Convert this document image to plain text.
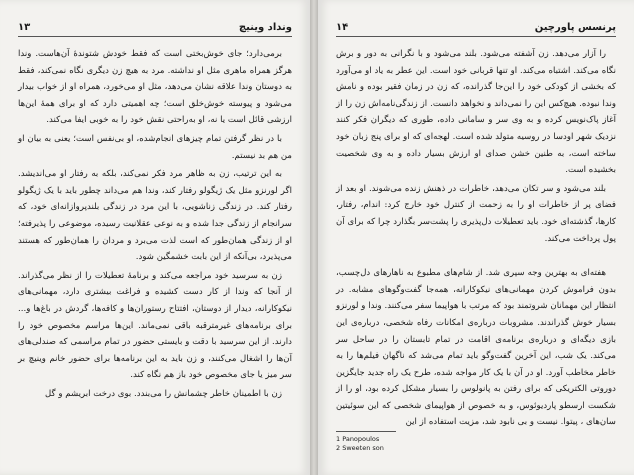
ونداد وینیچ
۱۳

برمی‌دارد؛ جای خوش‌بختی است که فقط خودش شتوندهٔ آن‌هاست. وندا هرگز همراه ماهری مثل او نداشته. مرد به هیچ زن دیگری نگاه نمی‌کند، فقط به دوستان وندا علاقه نشان می‌دهد، مثل او می‌خورد، همراه او از خواب بیدار می‌شود و پیوسته خوش‌خلق است؛ چه اهمیتی دارد که او برای همهٔ این‌ها ارزشی قائل است یا نه، او به‌راحتی نقش خود را به خوبی ایفا می‌کند.

با در نظر گرفتن تمام چیزهای انجام‌شده، او بی‌نفس است؛ یعنی به بیان او من هم بد نیستم.

به این ترتیب، زن به ظاهر مرد فکر نمی‌کند، بلکه به رفتار او می‌اندیشد. اگر لورنزو مثل یک ژیگولو رفتار کند، وندا هم می‌داند چطور باید با یک ژیگولو رفتار کند. در زندگی زناشویی، با این مرد در زندگی بلندپروازانه‌ای خود، که سرانجام از زندگی جدا شده و به نوعی عقلانیت رسیده، موضوعی را پذیرفته؛ او از زندگی همان‌طور که است لذت می‌برد و مردان را همان‌طور که هستند می‌پذیرد، بی‌آنکه از این بابت خشمگین شود.

زن به سرسید خود مراجعه می‌کند و برنامهٔ تعطیلات را از نظر می‌گذراند. از آنجا که وندا از کار دست کشیده و فراغت بیشتری دارد، مهمانی‌های نیکوکارانه، دیدار از دوستان، افتتاح رستوران‌ها و کافه‌ها، گردش در باغ‌ها و... برای برنامه‌های غیرمترقبه باقی نمی‌ماند. این‌ها مراسم مخصوص خود را دارند. از این سرسید با دقت و بایستی حضور در تمام مراسمی که صندلی‌های آن‌ها را اشغال می‌کنند، و زن باید به این برنامه‌ها برای حضور خانم وینیچ بر سر میز یا جای مخصوص خود باز هم نگاه کند.

زن با اطمینان خاطر چشمانش را می‌بندد. بوی درخت ابریشم و گل

پرنسس پاورچین
۱۴

را آزار می‌دهد. زن آشفته می‌شود. بلند می‌شود و با نگرانی به دور و برش نگاه می‌کند. اشتباه می‌کند. او تنها قربانی خود است. این عطر به یاد او می‌آورد که بخشی از کودکی خود را این‌جا گذرانده، که زن در زمان فقیر بوده و نامش وندا نبوده. هیچ‌کس این را نمی‌داند و نخواهد دانست. از زندگی‌نامه‌اش زن را از آغاز پاک‌نویس کرده و به وی سر و سامانی داده، طوری که دیگران فکر کنند نزدیک شهر اودسا در روسیه متولد شده است. لهجه‌ای که او برای پنج زبان خود ساخته است، به طنین خشن صدای او ارزش بسیار داده و به وی شخصیت بخشیده است.

بلند می‌شود و سر تکان می‌دهد، خاطرات در ذهنش زنده می‌شوند. او بعد از فضای پر از خاطرات او را به زحمت از کنترل خود خارج کرد: اندام، رفتار، کارها، گذشته‌ای خود. باید تعطیلات دل‌پذیری را پشت‌سر بگذارد چرا که برای آن پول پرداخت می‌کند.

هفته‌ای به بهترین وجه سپری شد. از شام‌های مطبوع به ناهارهای دل‌چسب، بدون فراموش کردن مهمانی‌های نیکوکارانه، همه‌جا گفت‌وگوهای مشابه. در انتظار این مهمانان شروتمند بود که مرتب با هواپیما سفر می‌کنند. وندا و لورنزو بسیار خوش گذراندند. مشروبات درباره‌ی امکانات رفاه شخصی، درباره‌ی این بازی دیگه‌ای و درباره‌ی برنامه‌ی اقامت در تمام تابستان را در ساحل سر می‌کند. یک شب، این آخرین گفت‌وگو باید تمام می‌شد که ناگهان فیلم‌ها را به خاطر مخاطب آورد. او در آن با یک کار مواجه شده، طرح یک راه جدید جایگزین دوروتی الکتریکی که برای رفتن به پانولوس را بسیار مشکل کرده بود، او را از شکست ارسطو پاردیوئوس، و به خصوص از هواپیمای شخصی که این سوئیتین سان‌های ، پیتوا. نیست و بی نابود شد، مزیت استفاده از این

1 Panopoulos
2 Sweeten son
